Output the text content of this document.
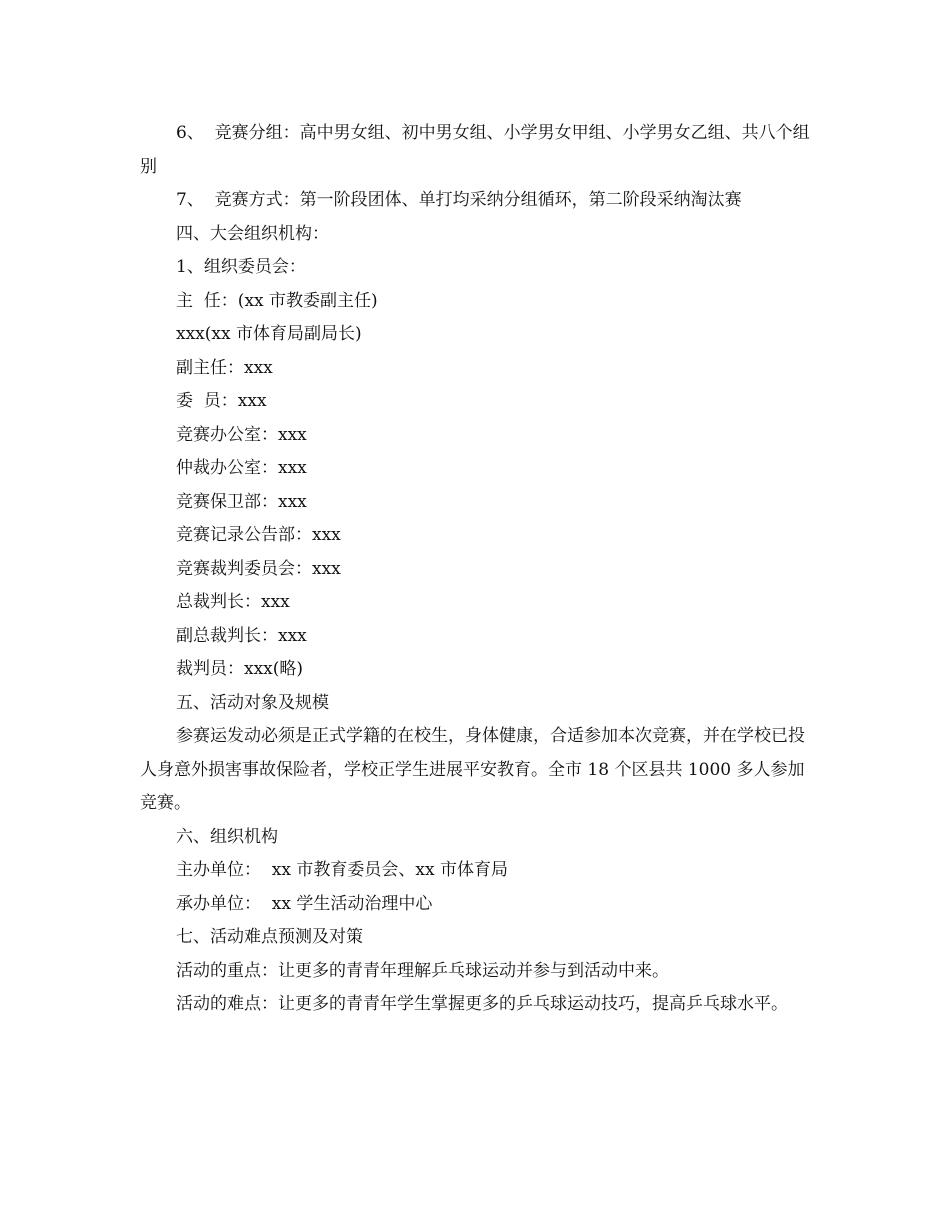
6、  竞赛分组：高中男女组、初中男女组、小学男女甲组、小学男女乙组、共八个组别

7、  竞赛方式：第一阶段团体、单打均采纳分组循环，第二阶段采纳淘汰赛

四、大会组织机构：

1、组织委员会：

主  任：(xx 市教委副主任)

xxx(xx 市体育局副局长)

副主任：xxx

委  员：xxx

竞赛办公室：xxx

仲裁办公室：xxx

竞赛保卫部：xxx

竞赛记录公告部：xxx

竞赛裁判委员会：xxx

总裁判长：xxx

副总裁判长：xxx

裁判员：xxx(略)

五、活动对象及规模

参赛运发动必须是正式学籍的在校生，身体健康，合适参加本次竞赛，并在学校已投人身意外损害事故保险者，学校正学生进展平安教育。全市 18 个区县共 1000 多人参加竞赛。

六、组织机构

主办单位：  xx 市教育委员会、xx 市体育局

承办单位：  xx 学生活动治理中心

七、活动难点预测及对策

活动的重点：让更多的青青年理解乒乓球运动并参与到活动中来。

活动的难点：让更多的青青年学生掌握更多的乒乓球运动技巧，提高乒乓球水平。
